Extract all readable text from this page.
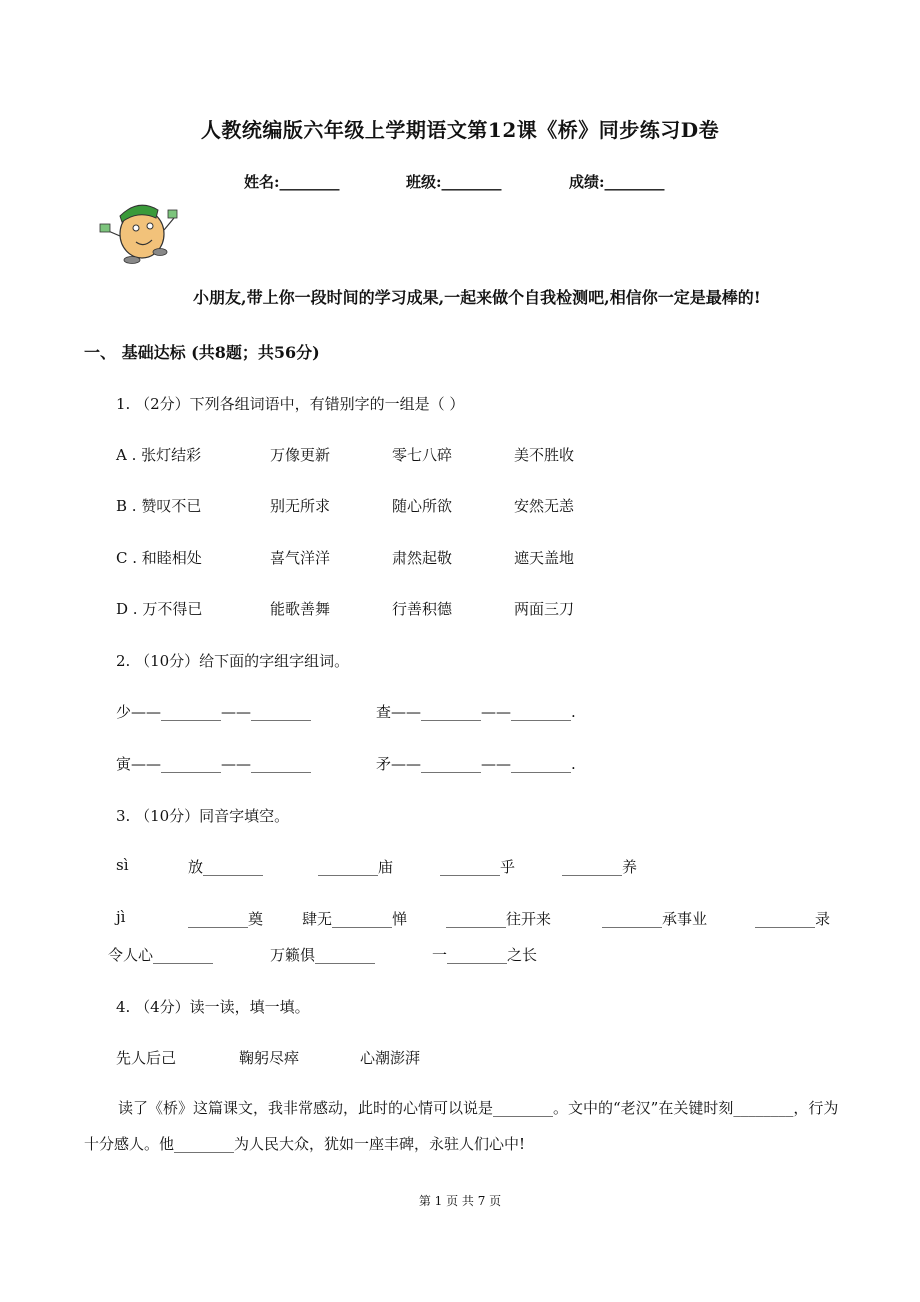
人教统编版六年级上学期语文第12课《桥》同步练习D卷
姓名:________	班级:________	成绩:________
小朋友,带上你一段时间的学习成果,一起来做个自我检测吧,相信你一定是最棒的!
一、 基础达标 (共8题；共56分)
1. （2分）下列各组词语中，有错别字的一组是（ ）
A . 张灯结彩	万像更新	零七八碎	美不胜收
B . 赞叹不已	别无所求	随心所欲	安然无恙
C . 和睦相处	喜气洋洋	肃然起敬	遮天盖地
D . 万不得已	能歌善舞	行善积德	两面三刀
2. （10分）给下面的字组字组词。
少——________——________	查——________——________.
寅——________——________	矛——________——________.
3. （10分）同音字填空。
sì	放________	________庙	________乎	________养
jì	________奠	肆无________惮	________往开来	________承事业	________录
令人心________	万籁俱________	一________之长
4. （4分）读一读，填一填。
先人后己	鞠躬尽瘁	心潮澎湃
读了《桥》这篇课文，我非常感动，此时的心情可以说是________。文中的“老汉”在关键时刻________，行为十分感人。他________为人民大众，犹如一座丰碑，永驻人们心中!
第 1 页 共 7 页
